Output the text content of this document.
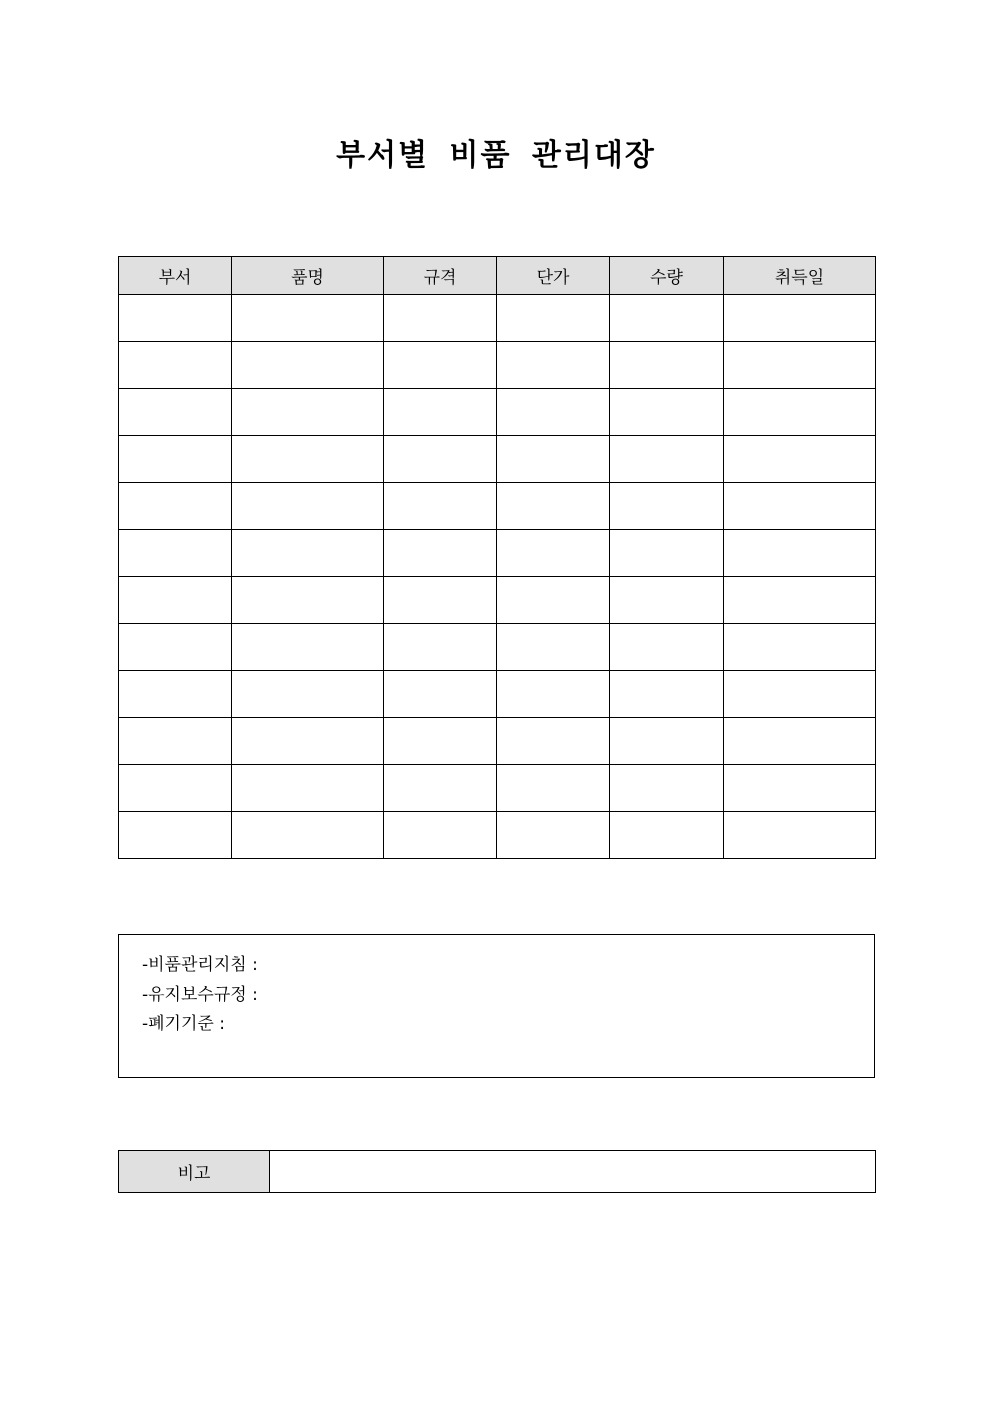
부서별 비품 관리대장
부서	품명	규격	단가	수량	취득일

-비품관리지침 :
-유지보수규정 :
-폐기기준 :
비고	
